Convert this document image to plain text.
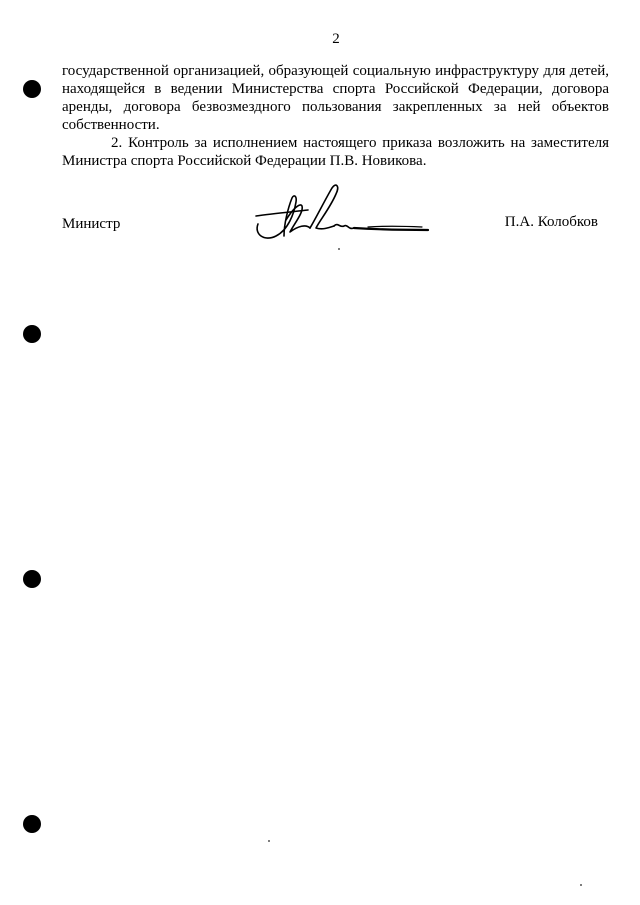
2

государственной организацией, образующей социальную инфраструктуру для детей, находящейся в ведении Министерства спорта Российской Федерации, договора аренды, договора безвозмездного пользования закрепленных за ней объектов собственности.

2. Контроль за исполнением настоящего приказа возложить на заместителя Министра спорта Российской Федерации П.В. Новикова.

Министр	П.А. Колобков
